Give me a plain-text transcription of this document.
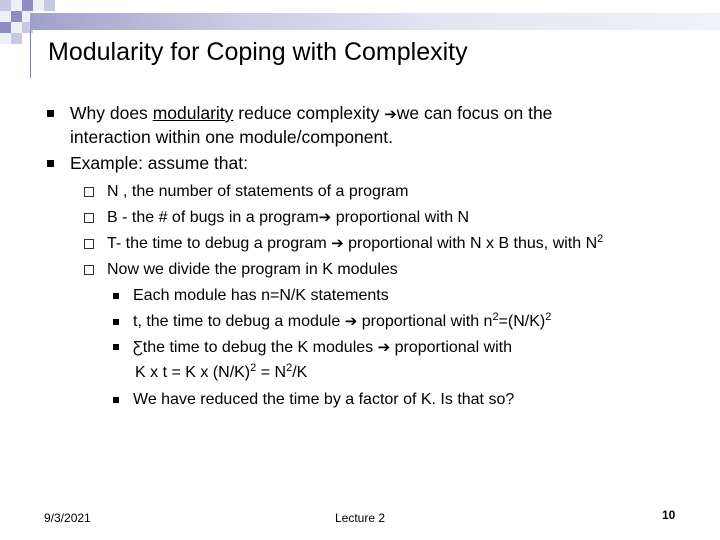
Modularity for Coping with Complexity
Why does modularity reduce complexity ➔we can focus on the
interaction within one module/component.
Example: assume that:
N , the number of statements of a program
B - the # of bugs in a program➔ proportional with N
T- the time to debug a program ➔ proportional with N x B thus, with $N^2$
Now we divide the program in K modules
Each module has n=N/K statements
t, the time to debug a module ➔ proportional with $n^2=(N/K)^2$
Ƹthe time to debug the K modules ➔ proportional with
K x t = K x $(N/K)^2 = N^2/K$
We have reduced the time by a factor of K. Is that so?
9/3/2021	Lecture 2	10
